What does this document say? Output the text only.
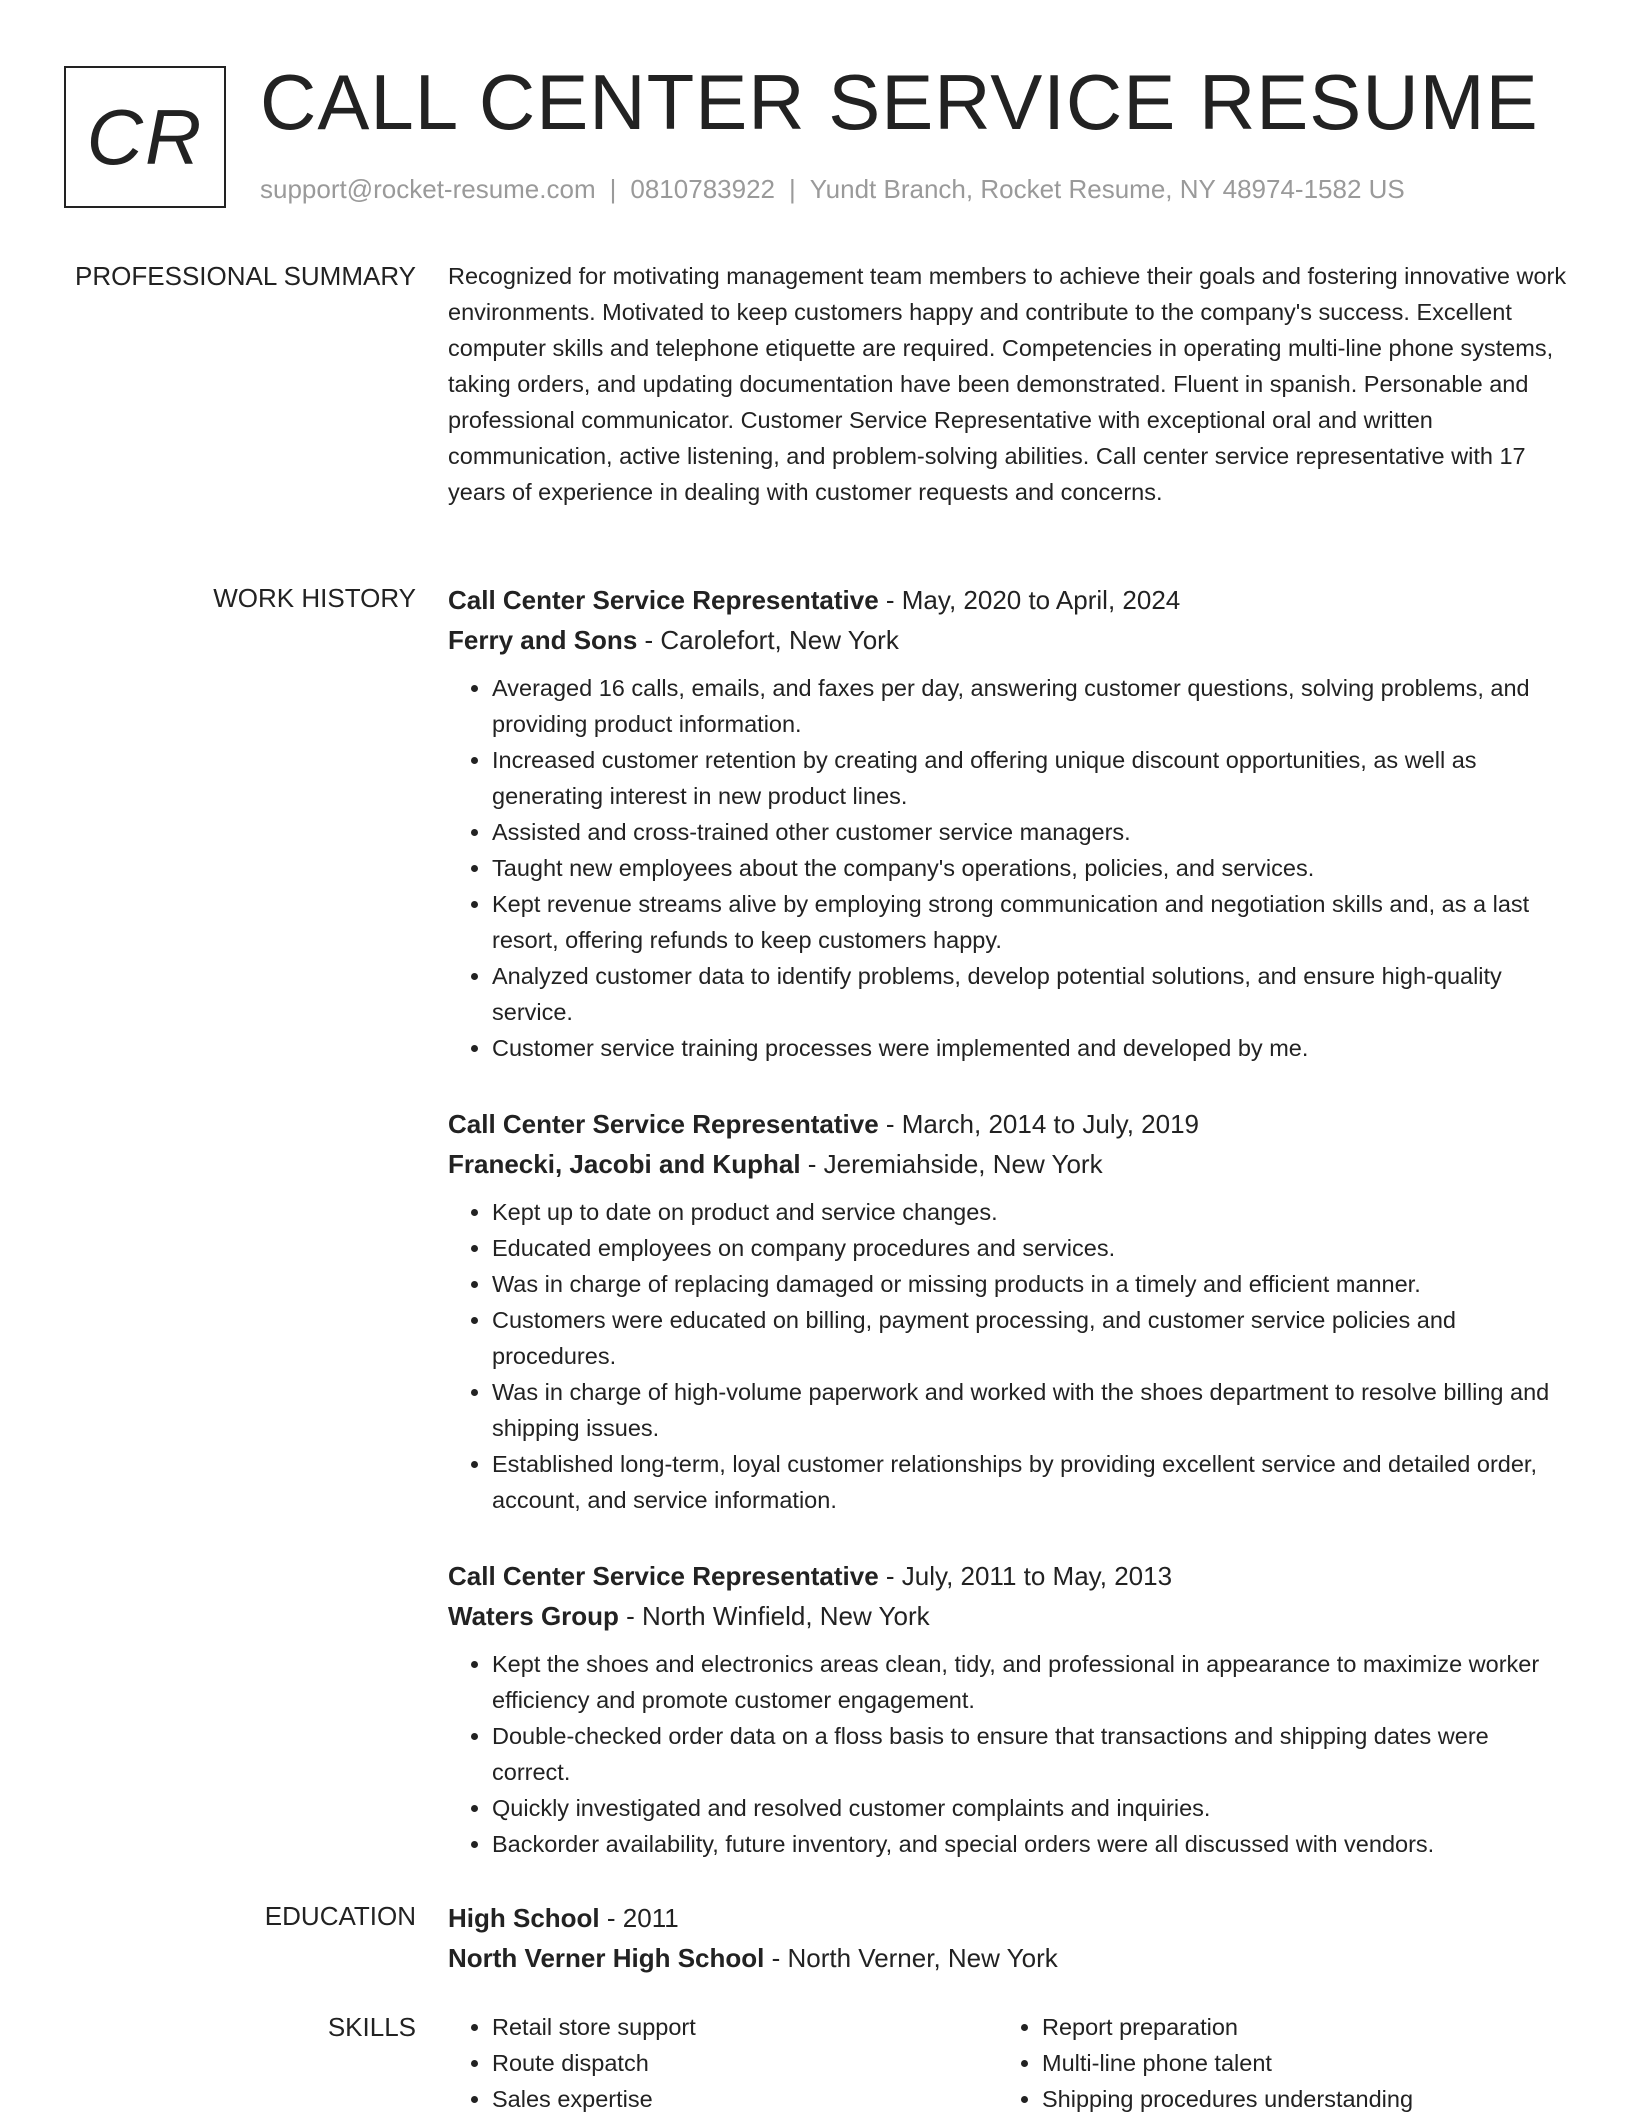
CR CALL CENTER SERVICE RESUME
support@rocket-resume.com | 0810783922 | Yundt Branch, Rocket Resume, NY 48974-1582 US
PROFESSIONAL SUMMARY Recognized for motivating management team members to achieve their goals and fostering innovative work environments. Motivated to keep customers happy and contribute to the company's success. Excellent computer skills and telephone etiquette are required. Competencies in operating multi-line phone systems, taking orders, and updating documentation have been demonstrated. Fluent in spanish. Personable and professional communicator. Customer Service Representative with exceptional oral and written communication, active listening, and problem-solving abilities. Call center service representative with 17 years of experience in dealing with customer requests and concerns.

WORK HISTORY Call Center Service Representative - May, 2020 to April, 2024
Ferry and Sons - Carolefort, New York
• Averaged 16 calls, emails, and faxes per day, answering customer questions, solving problems, and providing product information.
• Increased customer retention by creating and offering unique discount opportunities, as well as generating interest in new product lines.
• Assisted and cross-trained other customer service managers.
• Taught new employees about the company's operations, policies, and services.
• Kept revenue streams alive by employing strong communication and negotiation skills and, as a last resort, offering refunds to keep customers happy.
• Analyzed customer data to identify problems, develop potential solutions, and ensure high-quality service.
• Customer service training processes were implemented and developed by me.
Call Center Service Representative - March, 2014 to July, 2019
Franecki, Jacobi and Kuphal - Jeremiahside, New York
• Kept up to date on product and service changes.
• Educated employees on company procedures and services.
• Was in charge of replacing damaged or missing products in a timely and efficient manner.
• Customers were educated on billing, payment processing, and customer service policies and procedures.
• Was in charge of high-volume paperwork and worked with the shoes department to resolve billing and shipping issues.
• Established long-term, loyal customer relationships by providing excellent service and detailed order, account, and service information.
Call Center Service Representative - July, 2011 to May, 2013
Waters Group - North Winfield, New York
• Kept the shoes and electronics areas clean, tidy, and professional in appearance to maximize worker efficiency and promote customer engagement.
• Double-checked order data on a floss basis to ensure that transactions and shipping dates were correct.
• Quickly investigated and resolved customer complaints and inquiries.
• Backorder availability, future inventory, and special orders were all discussed with vendors.
EDUCATION High School - 2011
North Verner High School - North Verner, New York
SKILLS
•	Retail store support
• Route dispatch
• Sales expertise
• Report preparation
• Multi-line phone talent
• Shipping procedures understanding
